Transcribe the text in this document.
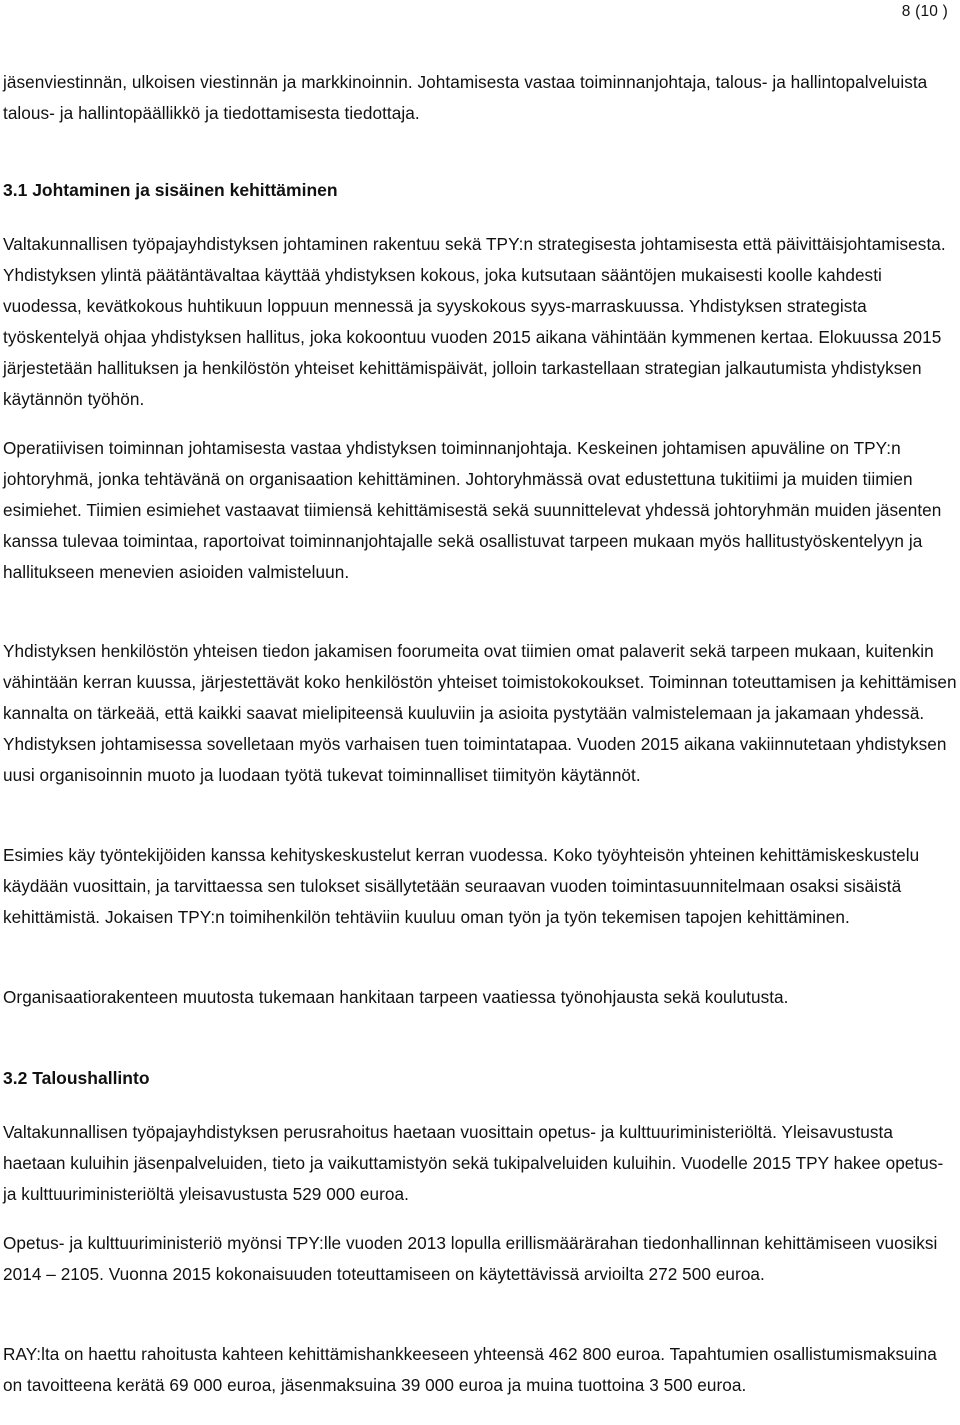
8 (10 )

jäsenviestinnän, ulkoisen viestinnän ja markkinoinnin. Johtamisesta vastaa toiminnanjohtaja, talous- ja hallintopalveluista talous- ja hallintopäällikkö ja tiedottamisesta tiedottaja.

3.1 Johtaminen ja sisäinen kehittäminen

Valtakunnallisen työpajayhdistyksen johtaminen rakentuu sekä TPY:n strategisesta johtamisesta että päivittäisjohtamisesta. Yhdistyksen ylintä päätäntävaltaa käyttää yhdistyksen kokous, joka kutsutaan sääntöjen mukaisesti koolle kahdesti vuodessa, kevätkokous huhtikuun loppuun mennessä ja syyskokous syys-marraskuussa. Yhdistyksen strategista työskentelyä ohjaa yhdistyksen hallitus, joka kokoontuu vuoden 2015 aikana vähintään kymmenen kertaa. Elokuussa 2015 järjestetään hallituksen ja henkilöstön yhteiset kehittämispäivät, jolloin tarkastellaan strategian jalkautumista yhdistyksen käytännön työhön.

Operatiivisen toiminnan johtamisesta vastaa yhdistyksen toiminnanjohtaja. Keskeinen johtamisen apuväline on TPY:n johtoryhmä, jonka tehtävänä on organisaation kehittäminen. Johtoryhmässä ovat edustettuna tukitiimi ja muiden tiimien esimiehet. Tiimien esimiehet vastaavat tiimiensä kehittämisestä sekä suunnittelevat yhdessä johtoryhmän muiden jäsenten kanssa tulevaa toimintaa, raportoivat toiminnanjohtajalle sekä osallistuvat tarpeen mukaan myös hallitustyöskentelyyn ja hallitukseen menevien asioiden valmisteluun.

Yhdistyksen henkilöstön yhteisen tiedon jakamisen foorumeita ovat tiimien omat palaverit sekä tarpeen mukaan, kuitenkin vähintään kerran kuussa, järjestettävät koko henkilöstön yhteiset toimistokokoukset. Toiminnan toteuttamisen ja kehittämisen kannalta on tärkeää, että kaikki saavat mielipiteensä kuuluviin ja asioita pystytään valmistelemaan ja jakamaan yhdessä. Yhdistyksen johtamisessa sovelletaan myös varhaisen tuen toimintatapaa. Vuoden 2015 aikana vakiinnutetaan yhdistyksen uusi organisoinnin muoto ja luodaan työtä tukevat toiminnalliset tiimityön käytännöt.

Esimies käy työntekijöiden kanssa kehityskeskustelut kerran vuodessa. Koko työyhteisön yhteinen kehittämiskeskustelu käydään vuosittain, ja tarvittaessa sen tulokset sisällytetään seuraavan vuoden toimintasuunnitelmaan osaksi sisäistä kehittämistä. Jokaisen TPY:n toimihenkilön tehtäviin kuuluu oman työn ja työn tekemisen tapojen kehittäminen.

Organisaatiorakenteen muutosta tukemaan hankitaan tarpeen vaatiessa työnohjausta sekä koulutusta.

3.2 Taloushallinto

Valtakunnallisen työpajayhdistyksen perusrahoitus haetaan vuosittain opetus- ja kulttuuriministeriöltä. Yleisavustusta haetaan kuluihin jäsenpalveluiden, tieto ja vaikuttamistyön sekä tukipalveluiden kuluihin. Vuodelle 2015 TPY hakee opetus- ja kulttuuriministeriöltä yleisavustusta 529 000 euroa.

Opetus- ja kulttuuriministeriö myönsi TPY:lle vuoden 2013 lopulla erillismäärärahan tiedonhallinnan kehittämiseen vuosiksi 2014 – 2105. Vuonna 2015 kokonaisuuden toteuttamiseen on käytettävissä arvioilta 272 500 euroa.

RAY:lta on haettu rahoitusta kahteen kehittämishankkeeseen yhteensä 462 800 euroa. Tapahtumien osallistumismaksuina on tavoitteena kerätä 69 000 euroa, jäsenmaksuina 39 000 euroa ja muina tuottoina 3 500 euroa.
